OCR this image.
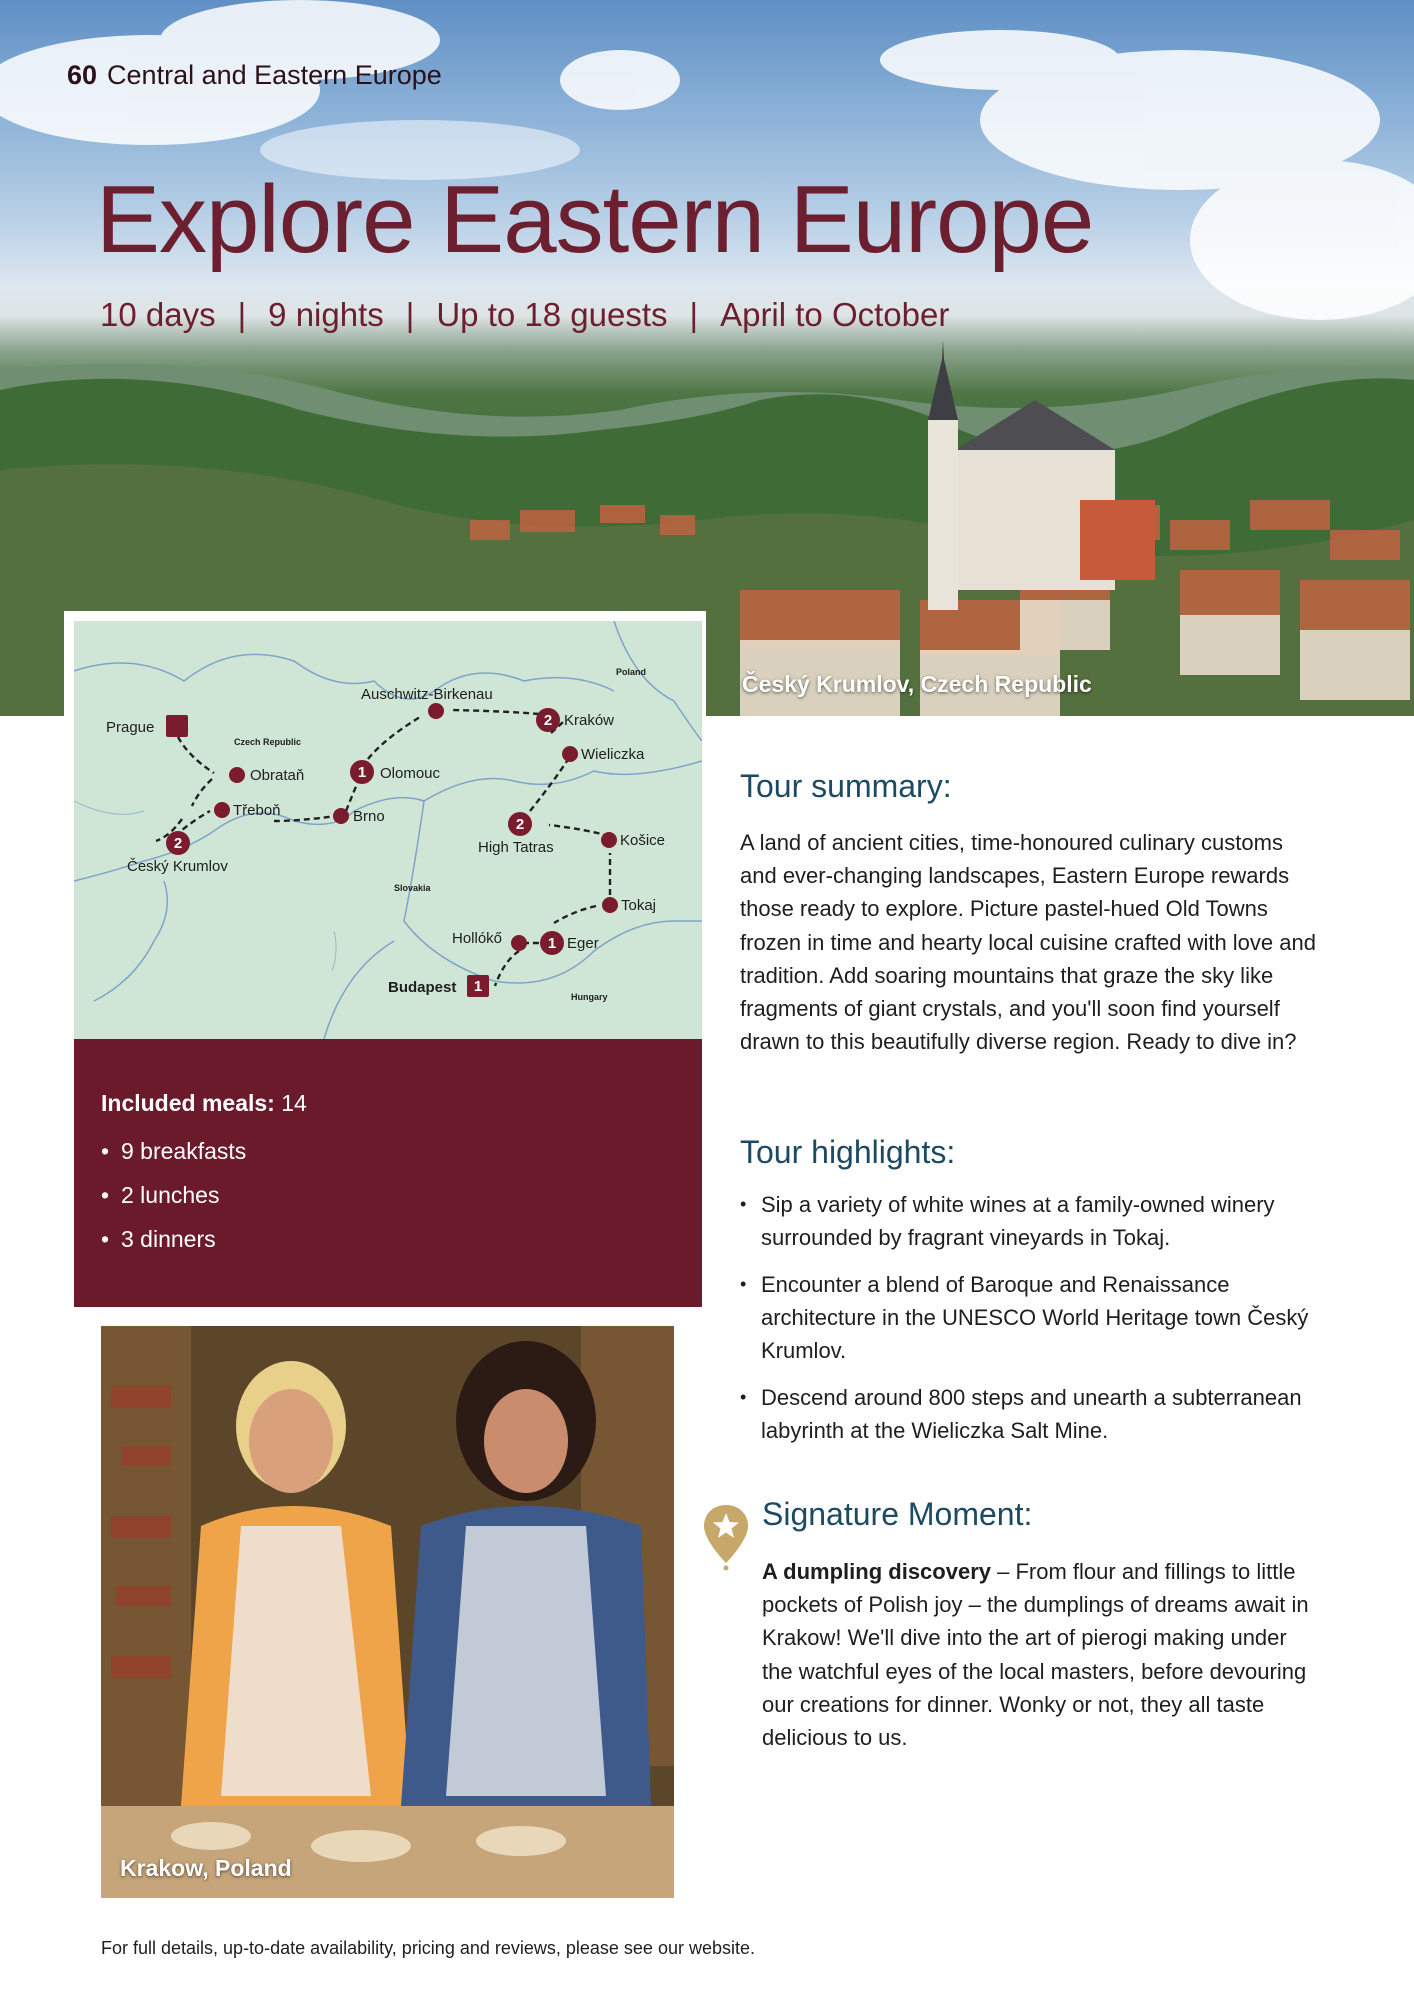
60 Central and Eastern Europe
Explore Eastern Europe
10 days | 9 nights | Up to 18 guests | April to October
Český Krumlov, Czech Republic
2
1
2
2
1
1
Prague
Obrataň
Třeboň
Český Krumlov
Brno
Olomouc
Auschwitz-Birkenau
Kraków
Wieliczka
High Tatras	Košice
Tokaj
Eger
Hollókő
Budapest
Poland
Czech Republic
Slovakia
Hungary

Included meals: 14

• 9 breakfasts
• 2 lunches
• 3 dinners
Krakow, Poland
Tour summary:

A land of ancient cities, time-honoured culinary customs and ever-changing landscapes, Eastern Europe rewards those ready to explore. Picture pastel-hued Old Towns frozen in time and hearty local cuisine crafted with love and tradition. Add soaring mountains that graze the sky like fragments of giant crystals, and you'll soon find yourself drawn to this beautifully diverse region. Ready to dive in?

Tour highlights:
• Sip a variety of white wines at a family-owned winery surrounded by fragrant vineyards in Tokaj.
• Encounter a blend of Baroque and Renaissance architecture in the UNESCO World Heritage town Český Krumlov.
• Descend around 800 steps and unearth a subterranean labyrinth at the Wieliczka Salt Mine.
Signature Moment:

A dumpling discovery – From flour and fillings to little pockets of Polish joy – the dumplings of dreams await in Krakow! We'll dive into the art of pierogi making under the watchful eyes of the local masters, before devouring our creations for dinner. Wonky or not, they all taste delicious to us.

For full details, up-to-date availability, pricing and reviews, please see our website.
